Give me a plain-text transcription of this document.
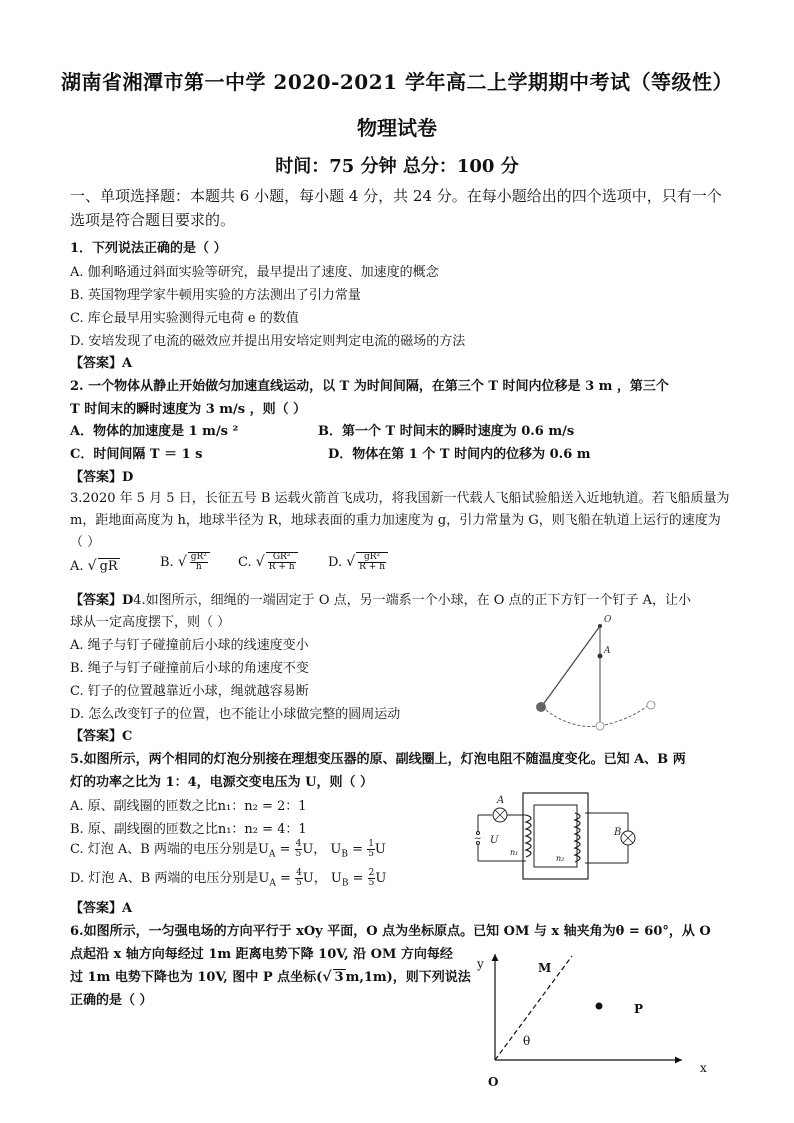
湖南省湘潭市第一中学 2020-2021 学年高二上学期期中考试（等级性）
物理试卷
时间：75 分钟 总分：100 分
一、单项选择题：本题共 6 小题，每小题 4 分，共 24 分。在每小题给出的四个选项中，只有一个选项是符合题目要求的。
1．下列说法正确的是（ ）
A. 伽利略通过斜面实验等研究，最早提出了速度、加速度的概念
B. 英国物理学家牛顿用实验的方法测出了引力常量
C. 库仑最早用实验测得元电荷 e 的数值
D. 安培发现了电流的磁效应并提出用安培定则判定电流的磁场的方法
【答案】A
2. 一个物体从静止开始做匀加速直线运动，以 T 为时间间隔，在第三个 T 时间内位移是 3 m ，第三个
T 时间末的瞬时速度为 3 m/s ，则（ ）
A．物体的加速度是 1 m/s ²	B．第一个 T 时间末的瞬时速度为 0.6 m/s
C．时间间隔 T ＝ 1 s	D．物体在第 1 个 T 时间内的位移为 0.6 m
【答案】D
3.2020 年 5 月 5 日，长征五号 B 运载火箭首飞成功，将我国新一代载人飞船试验船送入近地轨道。若飞船质量为 m，距地面高度为 h，地球半径为 R，地球表面的重力加速度为 g，引力常量为 G，则飞船在轨道上运行的速度为（ ）
A. √ gR	B. √ $\frac{\text{gR²}}{h} C$. √ $\frac{\text{GR²}}{R + h} D$. √ $\frac{\text{gR²}}{R + h}$
【答案】D4.如图所示，细绳的一端固定于 O 点，另一端系一个小球，在 O 点的正下方钉一个钉子 A，让小
球从一定高度摆下，则（ ）
A. 绳子与钉子碰撞前后小球的线速度变小
B. 绳子与钉子碰撞前后小球的角速度不变
C. 钉子的位置越靠近小球，绳就越容易断
D. 怎么改变钉子的位置，也不能让小球做完整的圆周运动
【答案】C
O
A
5.如图所示，两个相同的灯泡分别接在理想变压器的原、副线圈上，灯泡电阻不随温度变化。已知 A、B 两
灯的功率之比为 1：4，电源交变电压为 U，则（ ）
A. 原、副线圈的匝数之比n₁：n₂ = 2：1
B. 原、副线圈的匝数之比n₁：n₂ = 4：1
C. 灯泡 A、B 两端的电压分别是$U_A = \frac{4}{5}$ U， $U_B = \frac{1}{5}$ U
D. 灯泡 A、B 两端的电压分别是$U_A = \frac{4}{5}$ U， $U_B = \frac{2}{5}$ U
【答案】A
~ U
A
n₁
n₂
B
6.如图所示，一匀强电场的方向平行于 xOy 平面，O 点为坐标原点。已知 OM 与 x 轴夹角为θ = 60°，从 O
点起沿 x 轴方向每经过 1m 距离电势下降 10V, 沿 OM 方向每经
过 1m 电势下降也为 10V, 图中 P 点坐标(√ 3 m,1m)，则下列说法
正确的是（ ）
y
x
M
P
θ
O
